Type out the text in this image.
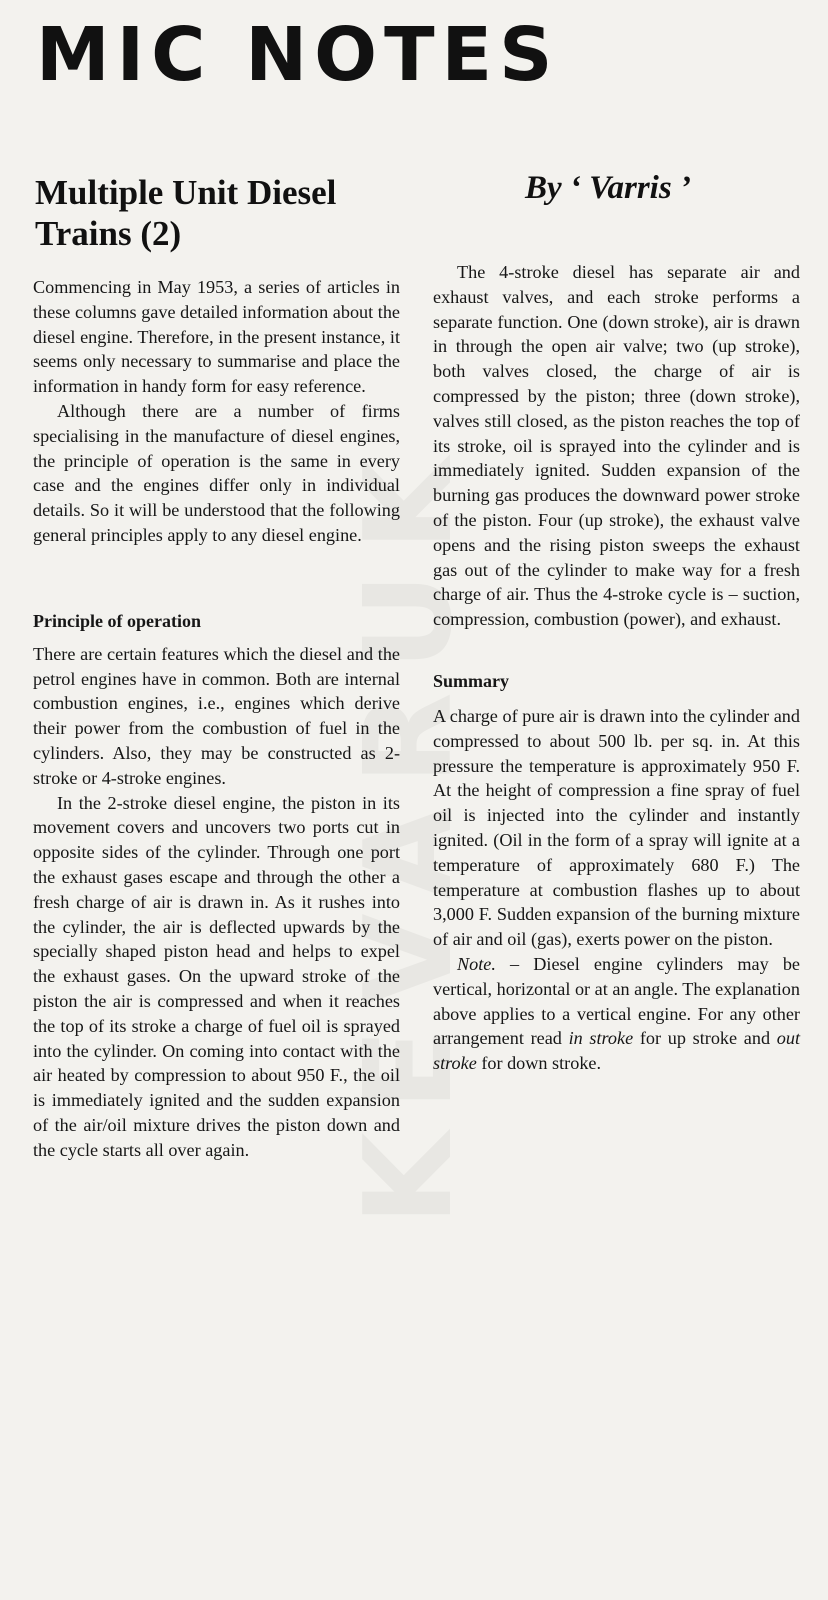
MIC NOTES
Multiple Unit Diesel Trains (2)
By ‘ Varris ’

Commencing in May 1953, a series of articles in these columns gave detailed information about the diesel engine. Therefore, in the present instance, it seems only necessary to summarise and place the information in handy form for easy reference.

Although there are a number of firms specialising in the manufacture of diesel engines, the principle of operation is the same in every case and the engines differ only in individual details. So it will be understood that the following general principles apply to any diesel engine.

Principle of operation

There are certain features which the diesel and the petrol engines have in common. Both are internal combustion engines, i.e., engines which derive their power from the combustion of fuel in the cylinders. Also, they may be constructed as 2-stroke or 4-stroke engines.

In the 2-stroke diesel engine, the piston in its movement covers and uncovers two ports cut in opposite sides of the cylinder. Through one port the exhaust gases escape and through the other a fresh charge of air is drawn in. As it rushes into the cylinder, the air is deflected upwards by the specially shaped piston head and helps to expel the exhaust gases. On the upward stroke of the piston the air is compressed and when it reaches the top of its stroke a charge of fuel oil is sprayed into the cylinder. On coming into contact with the air heated by compression to about 950 F., the oil is immediately ignited and the sudden expansion of the air/oil mixture drives the piston down and the cycle starts all over again.

The 4-stroke diesel has separate air and exhaust valves, and each stroke performs a separate function. One (down stroke), air is drawn in through the open air valve; two (up stroke), both valves closed, the charge of air is compressed by the piston; three (down stroke), valves still closed, as the piston reaches the top of its stroke, oil is sprayed into the cylinder and is immediately ignited. Sudden expansion of the burning gas produces the downward power stroke of the piston. Four (up stroke), the exhaust valve opens and the rising piston sweeps the exhaust gas out of the cylinder to make way for a fresh charge of air. Thus the 4-stroke cycle is – suction, compression, combustion (power), and exhaust.

Summary

A charge of pure air is drawn into the cylinder and compressed to about 500 lb. per sq. in. At this pressure the temperature is approximately 950 F. At the height of compression a fine spray of fuel oil is injected into the cylinder and instantly ignited. (Oil in the form of a spray will ignite at a temperature of approximately 680 F.) The temperature at combustion flashes up to about 3,000 F. Sudden expansion of the burning mixture of air and oil (gas), exerts power on the piston.

Note. – Diesel engine cylinders may be vertical, horizontal or at an angle. The explanation above applies to a vertical engine. For any other arrangement read in stroke for up stroke and out stroke for down stroke.
